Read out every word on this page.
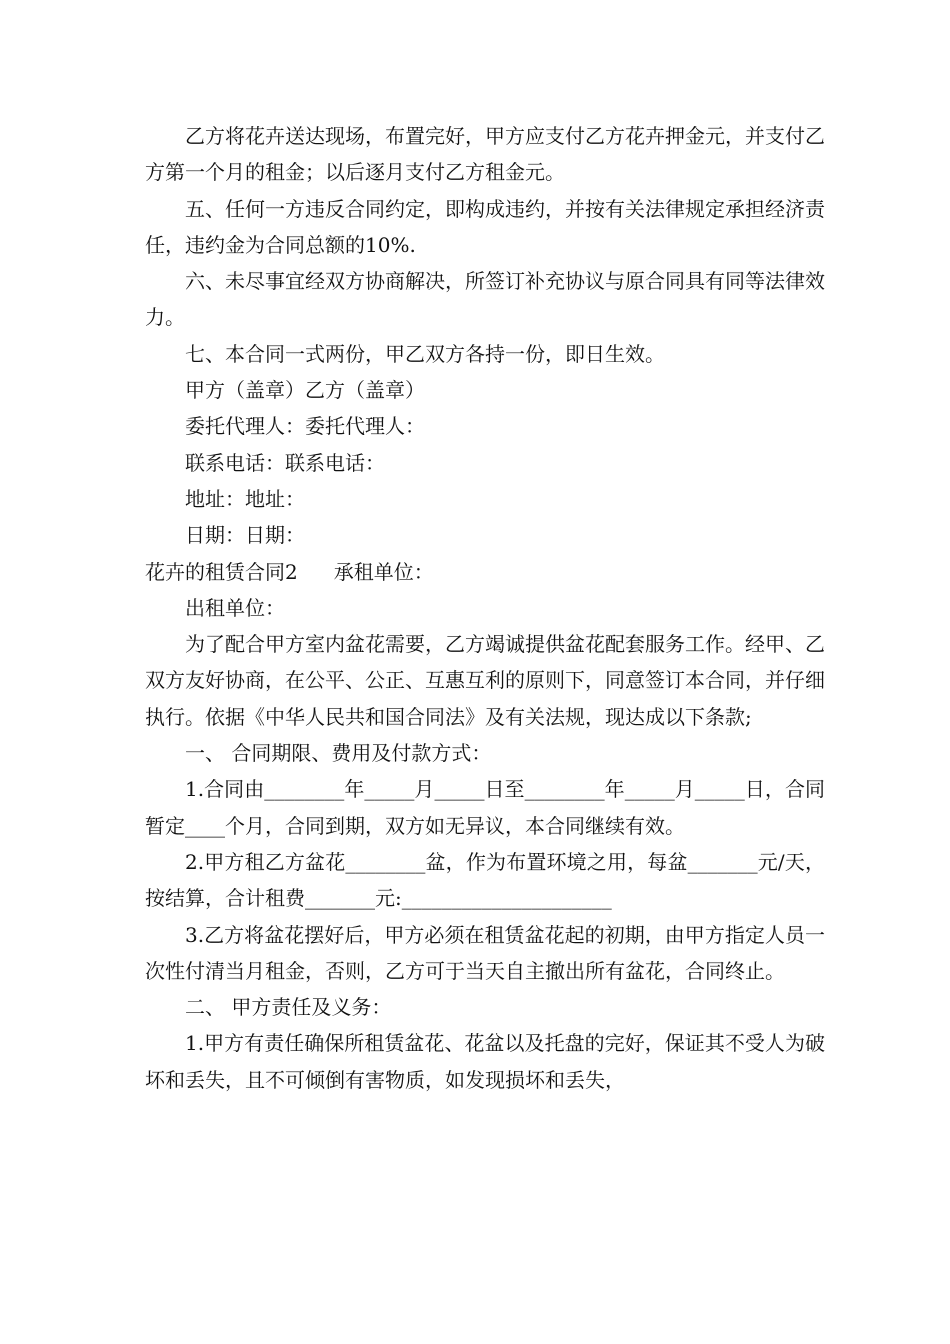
乙方将花卉送达现场，布置完好，甲方应支付乙方花卉押金元，并支付乙方第一个月的租金；以后逐月支付乙方租金元。

五、任何一方违反合同约定，即构成违约，并按有关法律规定承担经济责任，违约金为合同总额的10%.

六、未尽事宜经双方协商解决，所签订补充协议与原合同具有同等法律效力。

七、本合同一式两份，甲乙双方各持一份，即日生效。

甲方（盖章）乙方（盖章）

委托代理人：委托代理人：

联系电话：联系电话：

地址：地址：

日期：日期：

花卉的租赁合同2 承租单位：

出租单位：

为了配合甲方室内盆花需要，乙方竭诚提供盆花配套服务工作。经甲、乙双方友好协商，在公平、公正、互惠互利的原则下，同意签订本合同，并仔细执行。依据《中华人民共和国合同法》及有关法规，现达成以下条款;

一、 合同期限、费用及付款方式：

1.合同由________年_____月_____日至________年_____月_____日，合同暂定____个月，合同到期，双方如无异议，本合同继续有效。

2.甲方租乙方盆花________盆，作为布置环境之用，每盆_______元/天，按结算，合计租费_______元:_____________________

3.乙方将盆花摆好后，甲方必须在租赁盆花起的初期，由甲方指定人员一次性付清当月租金，否则，乙方可于当天自主撤出所有盆花，合同终止。

二、 甲方责任及义务：

1.甲方有责任确保所租赁盆花、花盆以及托盘的完好，保证其不受人为破坏和丢失，且不可倾倒有害物质，如发现损坏和丢失，
